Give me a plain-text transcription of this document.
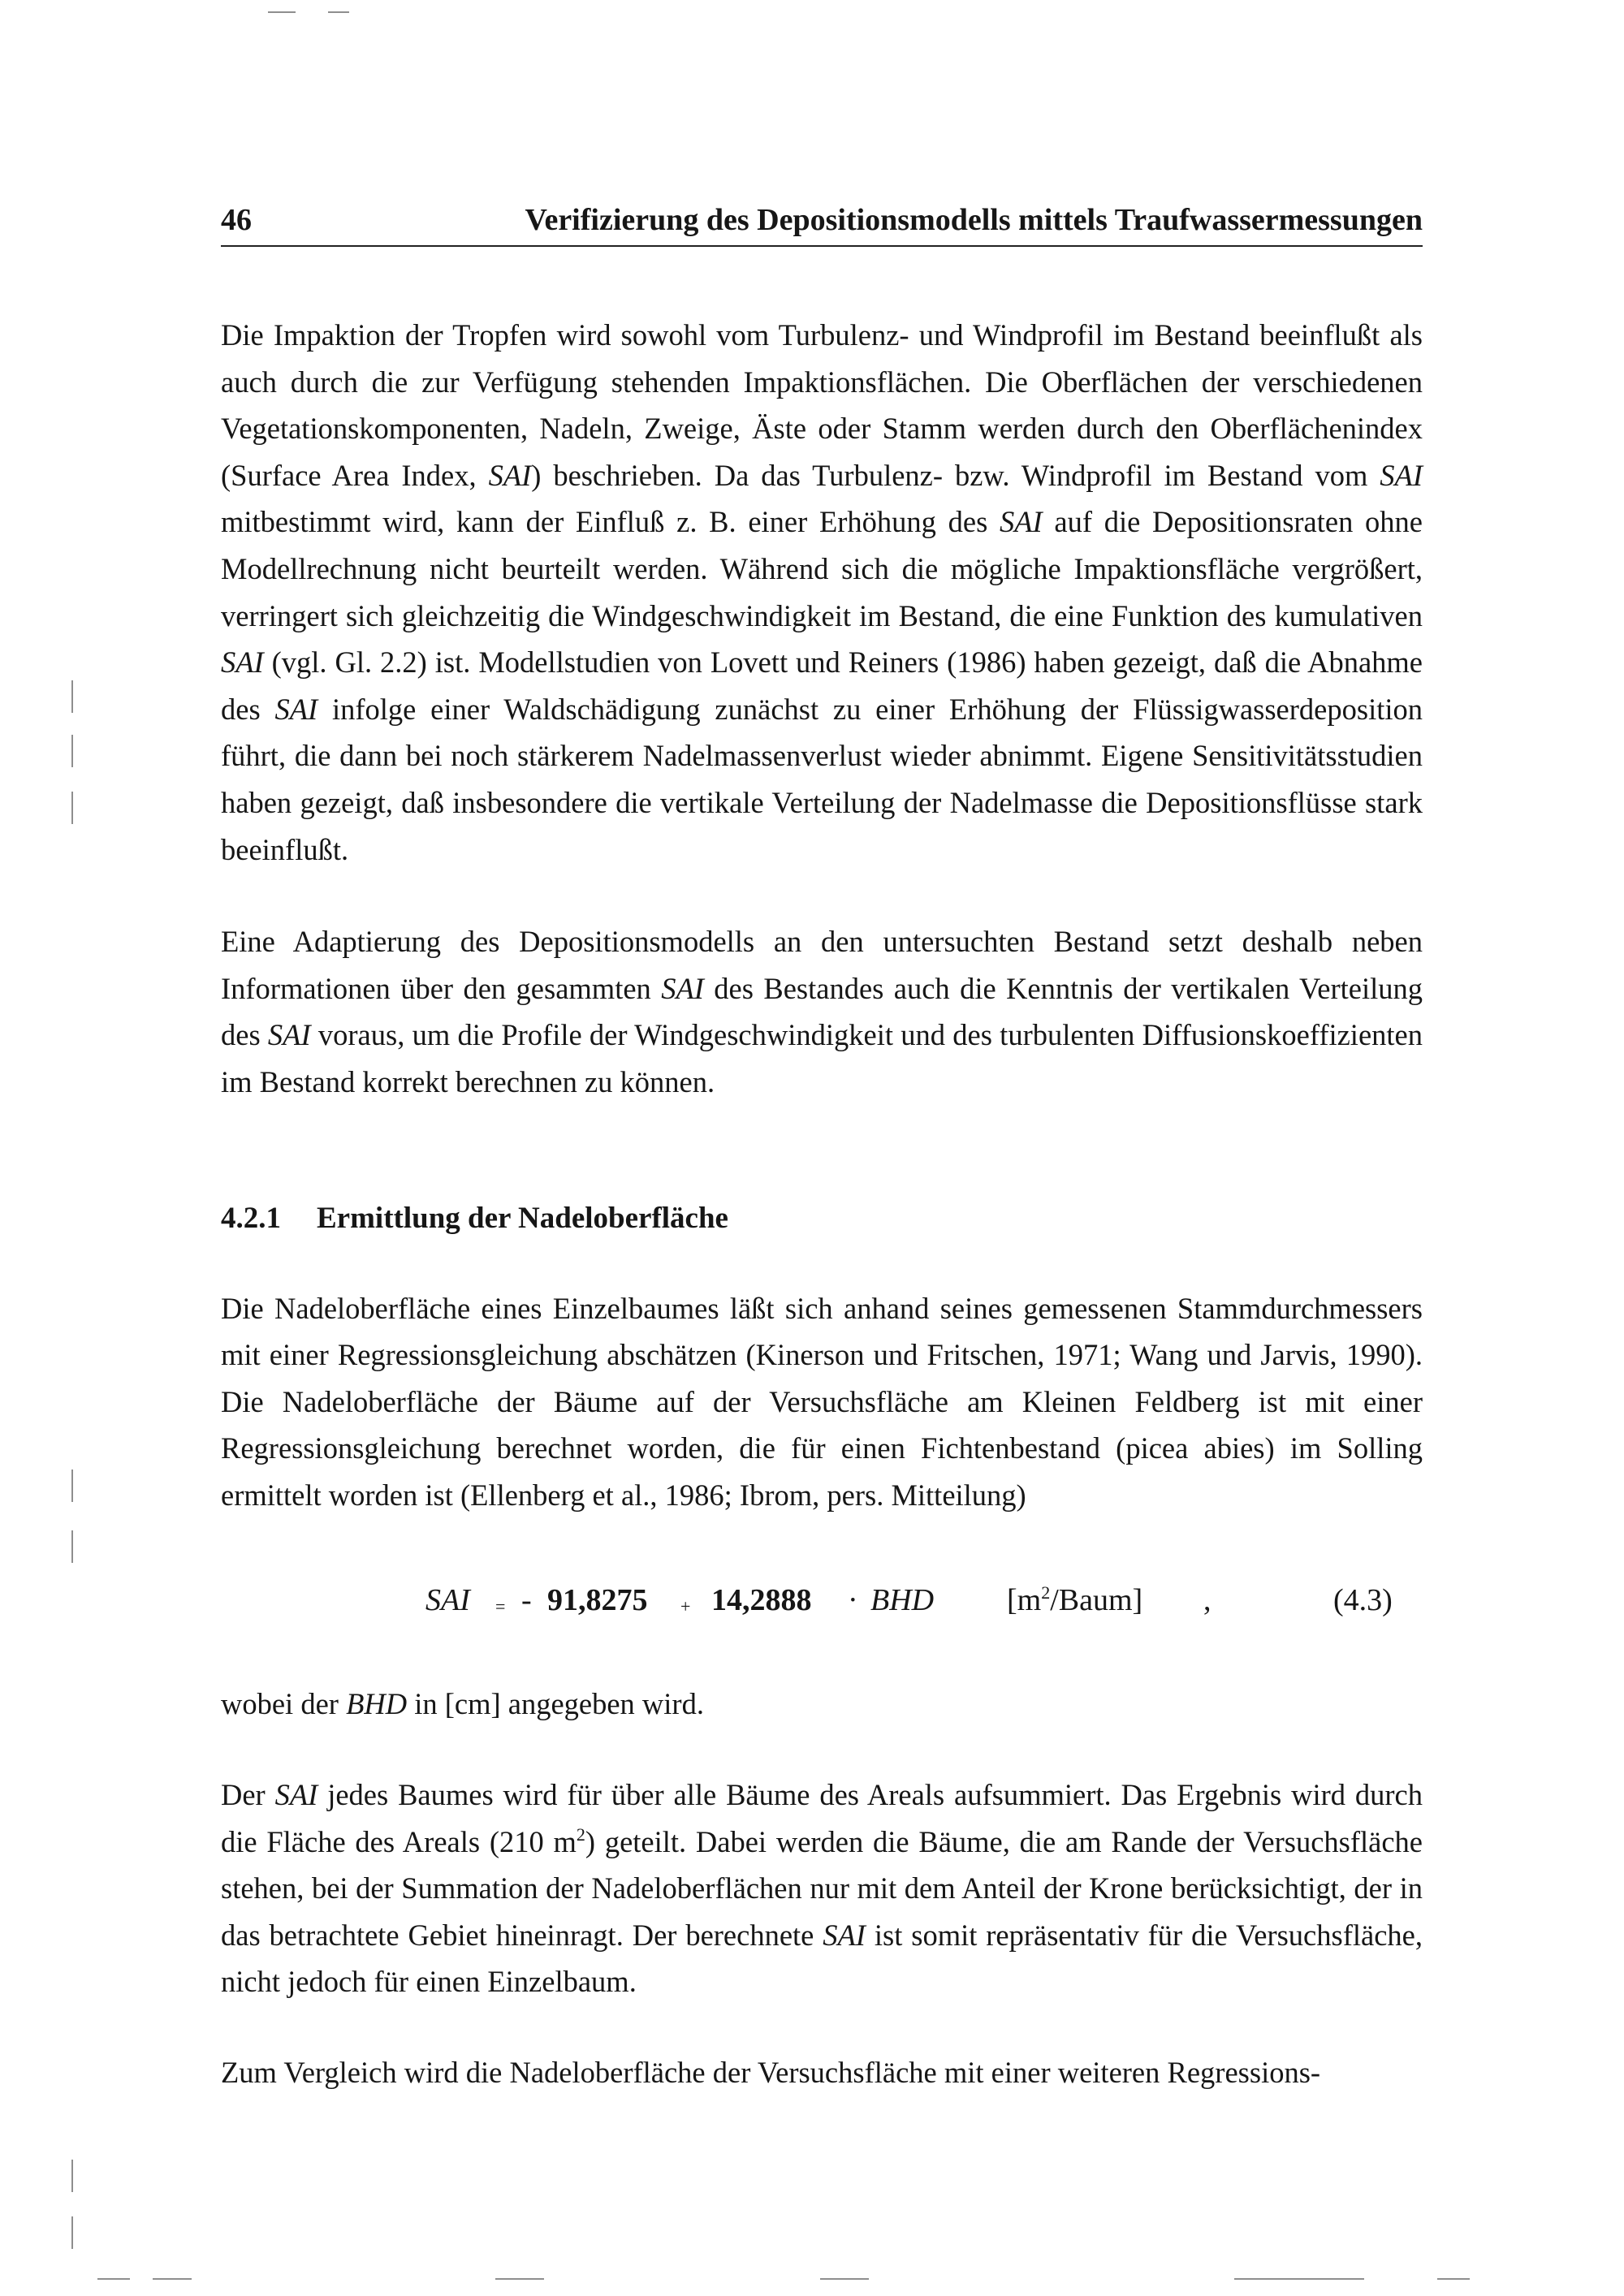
46	Verifizierung des Depositionsmodells mittels Traufwassermessungen

Die Impaktion der Tropfen wird sowohl vom Turbulenz- und Windprofil im Bestand beeinflußt als auch durch die zur Verfügung stehenden Impaktionsflächen. Die Oberflächen der verschiedenen Vegetationskomponenten, Nadeln, Zweige, Äste oder Stamm werden durch den Oberflächenindex (Surface Area Index, SAI) beschrieben. Da das Turbulenz- bzw. Windprofil im Bestand vom SAI mitbestimmt wird, kann der Einfluß z. B. einer Erhöhung des SAI auf die Depositionsraten ohne Modellrechnung nicht beurteilt werden. Während sich die mögliche Impaktionsfläche vergrößert, verringert sich gleichzeitig die Windgeschwindigkeit im Bestand, die eine Funktion des kumulativen SAI (vgl. Gl. 2.2) ist. Modellstudien von Lovett und Reiners (1986) haben gezeigt, daß die Abnahme des SAI infolge einer Waldschädigung zunächst zu einer Erhöhung der Flüssigwasserdeposition führt, die dann bei noch stärkerem Nadelmassenverlust wieder abnimmt. Eigene Sensitivitätsstudien haben gezeigt, daß insbesondere die vertikale Verteilung der Nadelmasse die Depositionsflüsse stark beeinflußt.

Eine Adaptierung des Depositionsmodells an den untersuchten Bestand setzt deshalb neben Informationen über den gesammten SAI des Bestandes auch die Kenntnis der vertikalen Verteilung des SAI voraus, um die Profile der Windgeschwindigkeit und des turbulenten Diffusionskoeffizienten im Bestand korrekt berechnen zu können.

4.2.1 Ermittlung der Nadeloberfläche

Die Nadeloberfläche eines Einzelbaumes läßt sich anhand seines gemessenen Stammdurchmessers mit einer Regressionsgleichung abschätzen (Kinerson und Fritschen, 1971; Wang und Jarvis, 1990). Die Nadeloberfläche der Bäume auf der Versuchsfläche am Kleinen Feldberg ist mit einer Regressionsgleichung berechnet worden, die für einen Fichtenbestand (picea abies) im Solling ermittelt worden ist (Ellenberg et al., 1986; Ibrom, pers. Mitteilung)

SAI = - 91,8275 + 14,2888 · BHD $[m^2/Baum]$ ,	(4.3)

wobei der BHD in [cm] angegeben wird.

Der SAI jedes Baumes wird für über alle Bäume des Areals aufsummiert. Das Ergebnis wird durch die Fläche des Areals (210 $m^2$) geteilt. Dabei werden die Bäume, die am Rande der Versuchsfläche stehen, bei der Summation der Nadeloberflächen nur mit dem Anteil der Krone berücksichtigt, der in das betrachtete Gebiet hineinragt. Der berechnete SAI ist somit repräsentativ für die Versuchsfläche, nicht jedoch für einen Einzelbaum.

Zum Vergleich wird die Nadeloberfläche der Versuchsfläche mit einer weiteren Regressions-
